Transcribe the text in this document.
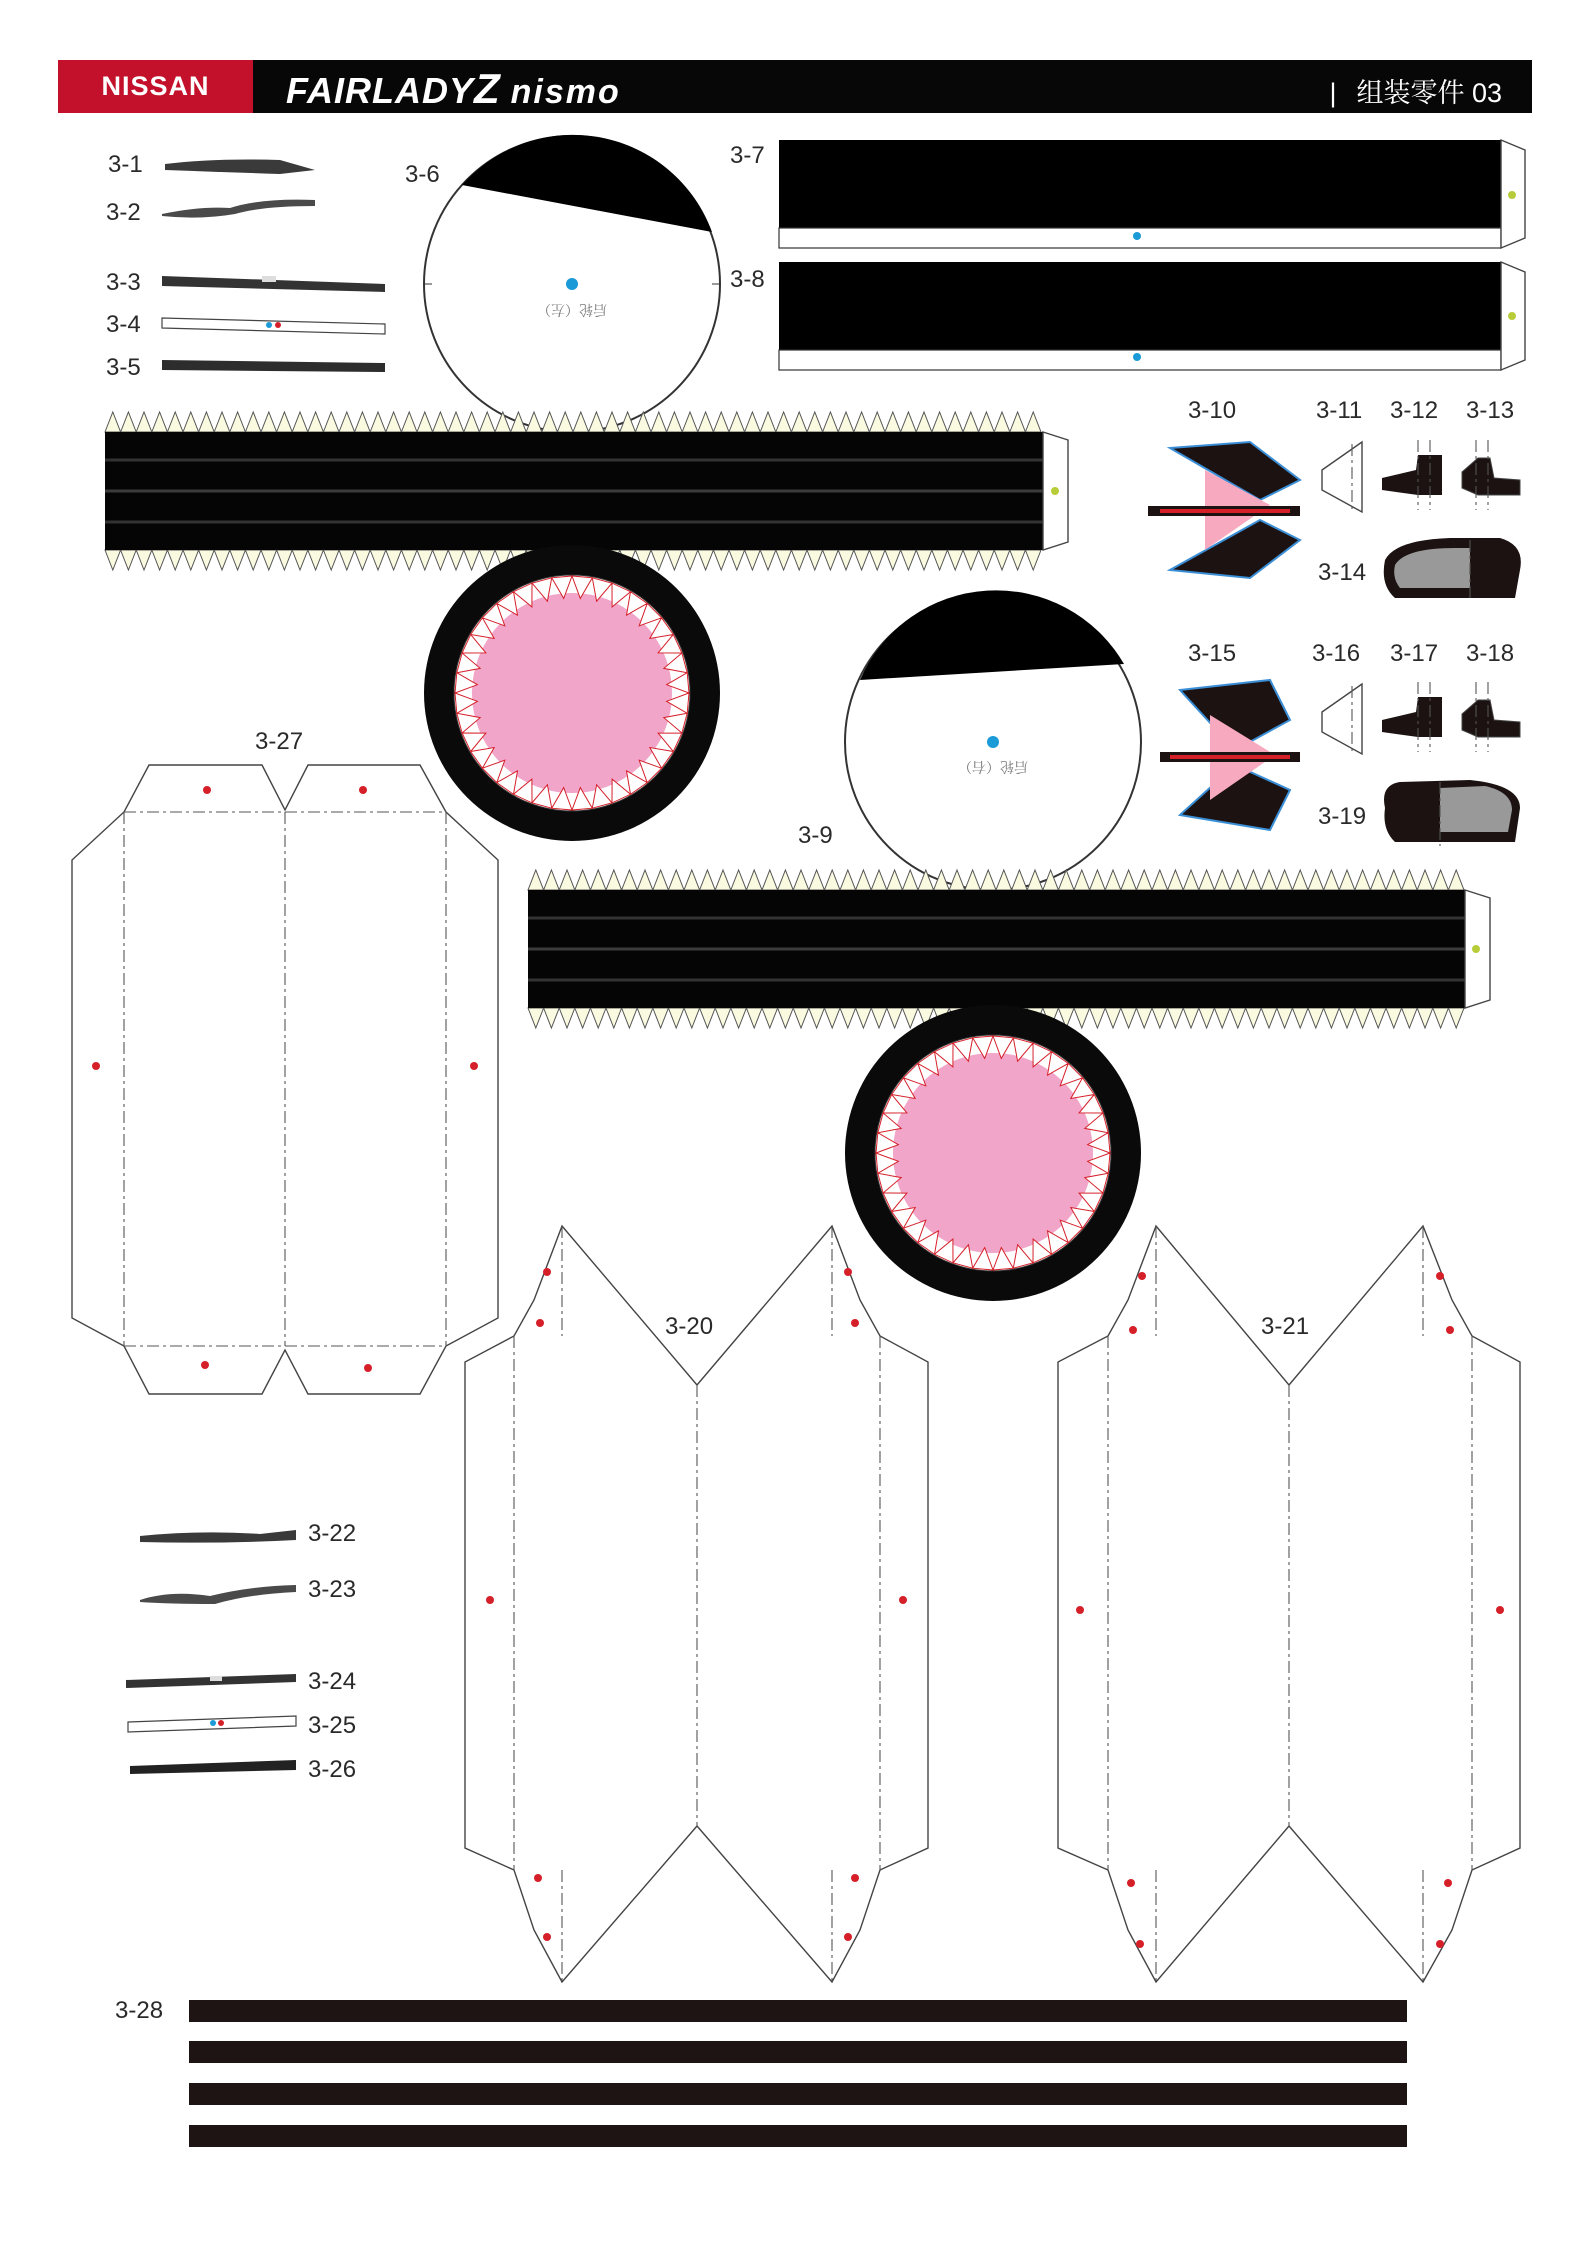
NISSAN FAIRLADYZ nismo	| 组装零件 03
3-1
3-2
3-3
3-4
3-5
3-6
后轮（左）
3-7
3-8
3-9
后轮（右）
3-10	3-11 3-12 3-13
3-14
3-15	3-16 3-17 3-18
3-19
3-27
3-20	3-21
3-22
3-23
3-24
3-25
3-26
3-28
